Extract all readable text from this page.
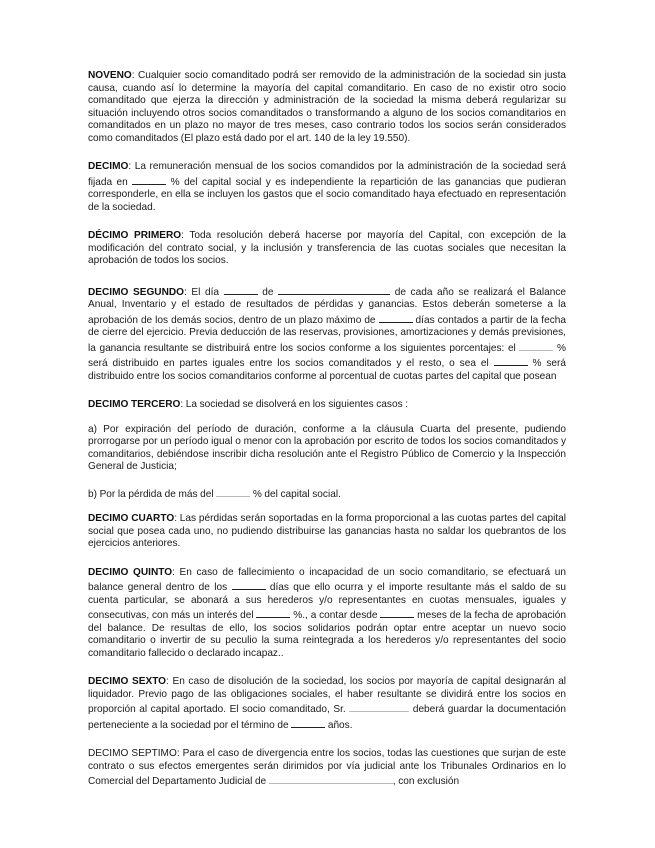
NOVENO: Cualquier socio comanditado podrá ser removido de la administración de la sociedad sin justa causa, cuando así lo determine la mayoría del capital comanditario. En caso de no existir otro socio comanditado que ejerza la dirección y administración de la sociedad la misma deberá regularizar su situación incluyendo otros socios comanditados o transformando a alguno de los socios comanditarios en comanditados en un plazo no mayor de tres meses, caso contrario todos los socios serán considerados como comanditados (El plazo está dado por el art. 140 de la ley 19.550).

DECIMO: La remuneración mensual de los socios comandidos por la administración de la sociedad será fijada en	% del capital social y es independiente la repartición de las ganancias que pudieran corresponderle, en ella se incluyen los gastos que el socio comanditado haya efectuado en representación de la sociedad.

DÉCIMO PRIMERO: Toda resolución deberá hacerse por mayoría del Capital, con excepción de la modificación del contrato social, y la inclusión y transferencia de las cuotas sociales que necesitan la aprobación de todos los socios.

DECIMO SEGUNDO: El día	de	de cada año se realizará el Balance Anual, Inventario y el estado de resultados de pérdidas y ganancias. Estos deberán someterse a la aprobación de los demás socios, dentro de un plazo máximo de	días contados a partir de la fecha de cierre del ejercicio. Previa deducción de las reservas, provisiones, amortizaciones y demás previsiones, la ganancia resultante se distribuirá entre los socios conforme a los siguientes porcentajes: el	% será distribuido en partes iguales entre los socios comanditados y el resto, o sea el	% será distribuido entre los socios comanditarios conforme al porcentual de cuotas partes del capital que posean

DECIMO TERCERO: La sociedad se disolverá en los siguientes casos :

a) Por expiración del período de duración, conforme a la cláusula Cuarta del presente, pudiendo prorrogarse por un período igual o menor con la aprobación por escrito de todos los socios comanditados y comanditarios, debiéndose inscribir dicha resolución ante el Registro Público de Comercio y la Inspección General de Justicia;

b) Por la pérdida de más del	% del capital social.

DECIMO CUARTO: Las pérdidas serán soportadas en la forma proporcional a las cuotas partes del capital social que posea cada uno, no pudiendo distribuirse las ganancias hasta no saldar los quebrantos de los ejercicios anteriores.

DECIMO QUINTO: En caso de fallecimiento o incapacidad de un socio comanditario, se efectuará un balance general dentro de los	días que ello ocurra y el importe resultante más el saldo de su cuenta particular, se abonará a sus herederos y/o representantes en cuotas mensuales, iguales y consecutivas, con más un interés del	%., a contar desde	meses de la fecha de aprobación del balance. De resultas de ello, los socios solidarios podrán optar entre aceptar un nuevo socio comanditario o invertir de su peculio la suma reintegrada a los herederos y/o representantes del socio comanditario fallecido o declarado incapaz..

DECIMO SEXTO: En caso de disolución de la sociedad, los socios por mayoría de capital designarán al liquidador. Previo pago de las obligaciones sociales, el haber resultante se dividirá entre los socios en proporción al capital aportado. El socio comanditado, Sr.	deberá guardar la documentación perteneciente a la sociedad por el término de	años.

DECIMO SEPTIMO: Para el caso de divergencia entre los socios, todas las cuestiones que surjan de este contrato o sus efectos emergentes serán dirimidos por vía judicial ante los Tribunales Ordinarios en lo Comercial del Departamento Judicial de	, con exclusión
